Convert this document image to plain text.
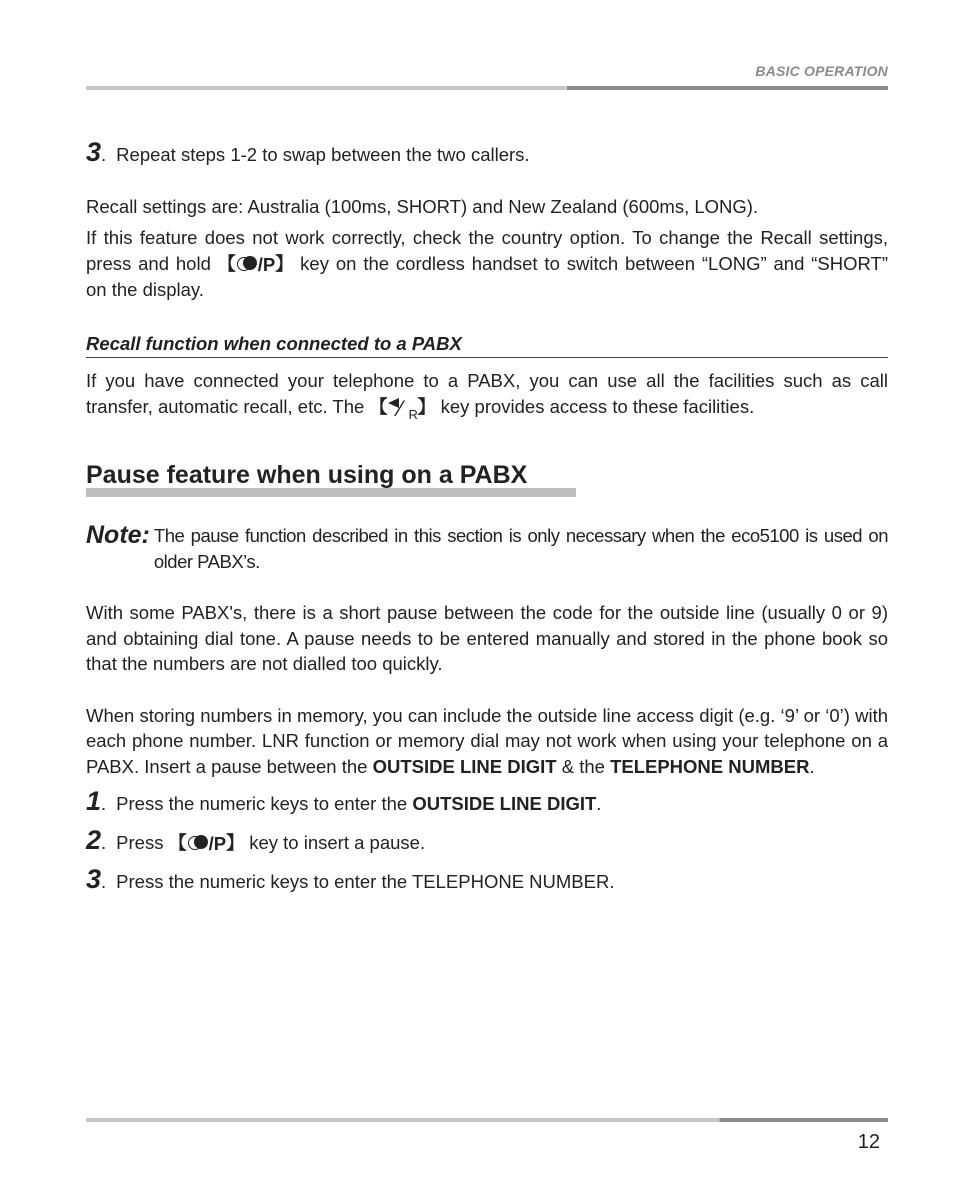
BASIC OPERATION

3. Repeat steps 1-2 to swap between the two callers.

Recall settings are: Australia (100ms, SHORT) and New Zealand (600ms, LONG).

If this feature does not work correctly, check the country option. To change the Recall settings, press and hold 【 /P 】 key on the cordless handset to switch between “LONG” and “SHORT” on the display.

Recall function when connected to a PABX

If you have connected your telephone to a PABX, you can use all the facilities such as call transfer, automatic recall, etc. The 【 ⁄ R 】 key provides access to these facilities.

Pause feature when using on a PABX
Note: The pause function described in this section is only necessary when the eco5100 is used on older PABX’s.

With some PABX's, there is a short pause between the code for the outside line (usually 0 or 9) and obtaining dial tone. A pause needs to be entered manually and stored in the phone book so that the numbers are not dialled too quickly.

When storing numbers in memory, you can include the outside line access digit (e.g. ‘9’ or ‘0’) with each phone number. LNR function or memory dial may not work when using your telephone on a PABX. Insert a pause between the OUTSIDE LINE DIGIT & the TELEPHONE NUMBER.

1. Press the numeric keys to enter the OUTSIDE LINE DIGIT.

2. Press 【 /P 】 key to insert a pause.

3. Press the numeric keys to enter the TELEPHONE NUMBER.

12
